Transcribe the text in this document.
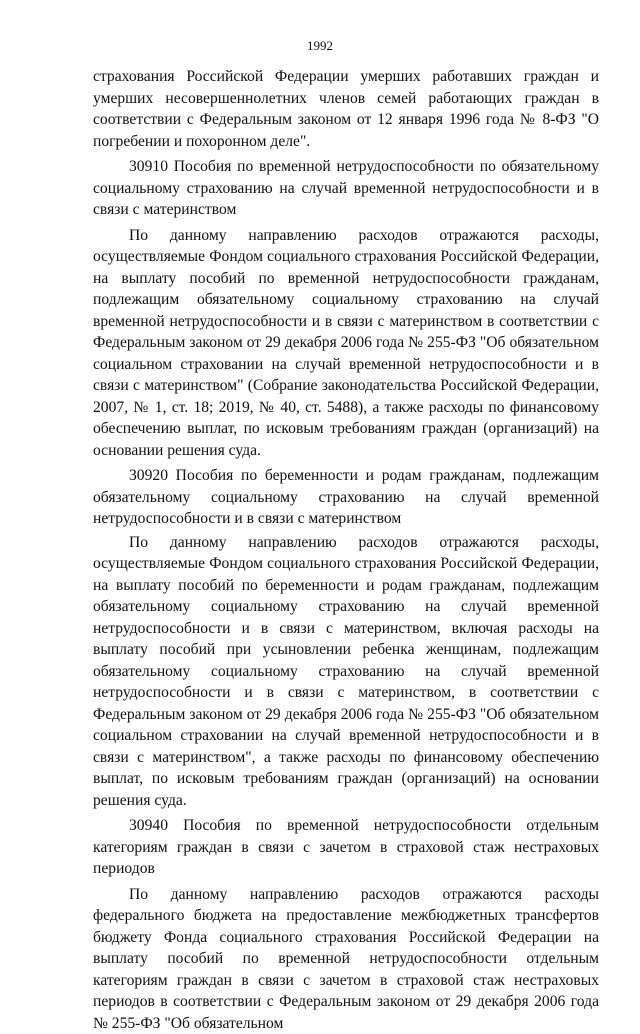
1992

страхования Российской Федерации умерших работавших граждан и умерших несовершеннолетних членов семей работающих граждан в соответствии с Федеральным законом от 12 января 1996 года № 8-ФЗ "О погребении и похоронном деле".

30910 Пособия по временной нетрудоспособности по обязательному социальному страхованию на случай временной нетрудоспособности и в связи с материнством

По данному направлению расходов отражаются расходы, осуществляемые Фондом социального страхования Российской Федерации, на выплату пособий по временной нетрудоспособности гражданам, подлежащим обязательному социальному страхованию на случай временной нетрудоспособности и в связи с материнством в соответствии с Федеральным законом от 29 декабря 2006 года № 255-ФЗ "Об обязательном социальном страховании на случай временной нетрудоспособности и в связи с материнством" (Собрание законодательства Российской Федерации, 2007, № 1, ст. 18; 2019, № 40, ст. 5488), а также расходы по финансовому обеспечению выплат, по исковым требованиям граждан (организаций) на основании решения суда.

30920 Пособия по беременности и родам гражданам, подлежащим обязательному социальному страхованию на случай временной нетрудоспособности и в связи с материнством

По данному направлению расходов отражаются расходы, осуществляемые Фондом социального страхования Российской Федерации, на выплату пособий по беременности и родам гражданам, подлежащим обязательному социальному страхованию на случай временной нетрудоспособности и в связи с материнством, включая расходы на выплату пособий при усыновлении ребенка женщинам, подлежащим обязательному социальному страхованию на случай временной нетрудоспособности и в связи с материнством, в соответствии с Федеральным законом от 29 декабря 2006 года № 255-ФЗ "Об обязательном социальном страховании на случай временной нетрудоспособности и в связи с материнством", а также расходы по финансовому обеспечению выплат, по исковым требованиям граждан (организаций) на основании решения суда.

30940 Пособия по временной нетрудоспособности отдельным категориям граждан в связи с зачетом в страховой стаж нестраховых периодов

По данному направлению расходов отражаются расходы федерального бюджета на предоставление межбюджетных трансфертов бюджету Фонда социального страхования Российской Федерации на выплату пособий по временной нетрудоспособности отдельным категориям граждан в связи с зачетом в страховой стаж нестраховых периодов в соответствии с Федеральным законом от 29 декабря 2006 года № 255-ФЗ "Об обязательном
